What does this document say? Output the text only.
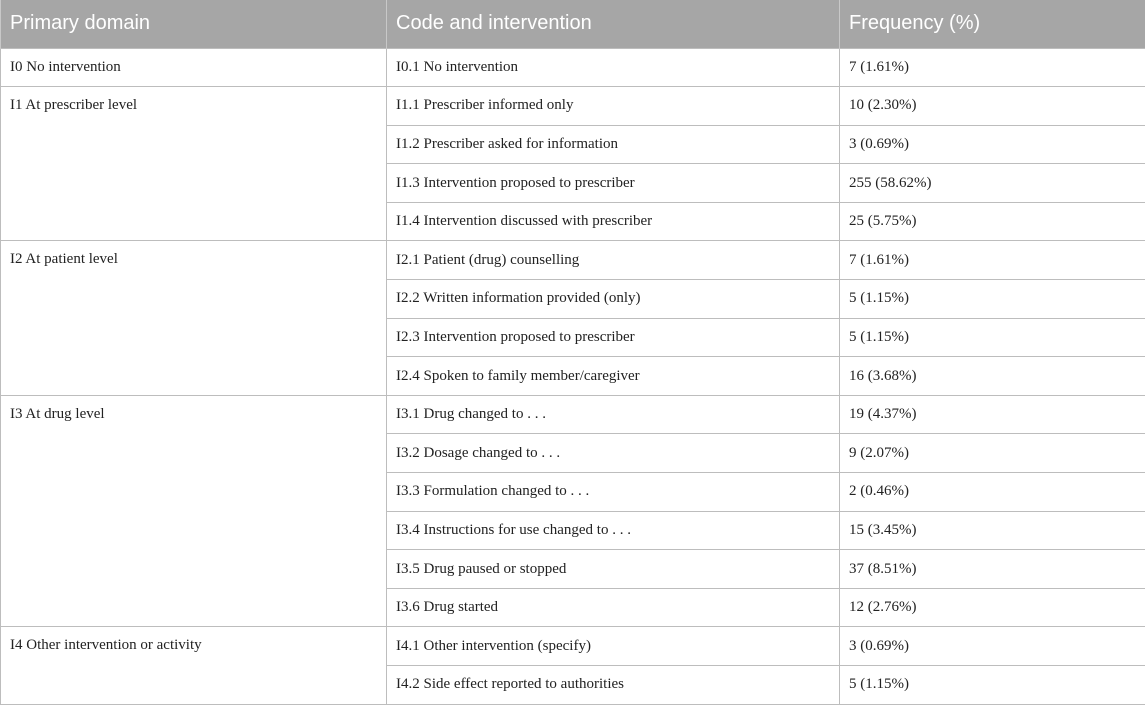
Primary domain	Code and intervention	Frequency (%)
I0 No intervention	I0.1 No intervention	7 (1.61%)
I1 At prescriber level	I1.1 Prescriber informed only	10 (2.30%)
	I1.2 Prescriber asked for information	3 (0.69%)
	I1.3 Intervention proposed to prescriber	255 (58.62%)
	I1.4 Intervention discussed with prescriber	25 (5.75%)
I2 At patient level	I2.1 Patient (drug) counselling	7 (1.61%)
	I2.2 Written information provided (only)	5 (1.15%)
	I2.3 Intervention proposed to prescriber	5 (1.15%)
	I2.4 Spoken to family member/caregiver	16 (3.68%)
I3 At drug level	I3.1 Drug changed to . . .	19 (4.37%)
	I3.2 Dosage changed to . . .	9 (2.07%)
	I3.3 Formulation changed to . . .	2 (0.46%)
	I3.4 Instructions for use changed to . . .	15 (3.45%)
	I3.5 Drug paused or stopped	37 (8.51%)
	I3.6 Drug started	12 (2.76%)
I4 Other intervention or activity	I4.1 Other intervention (specify)	3 (0.69%)
	I4.2 Side effect reported to authorities	5 (1.15%)
